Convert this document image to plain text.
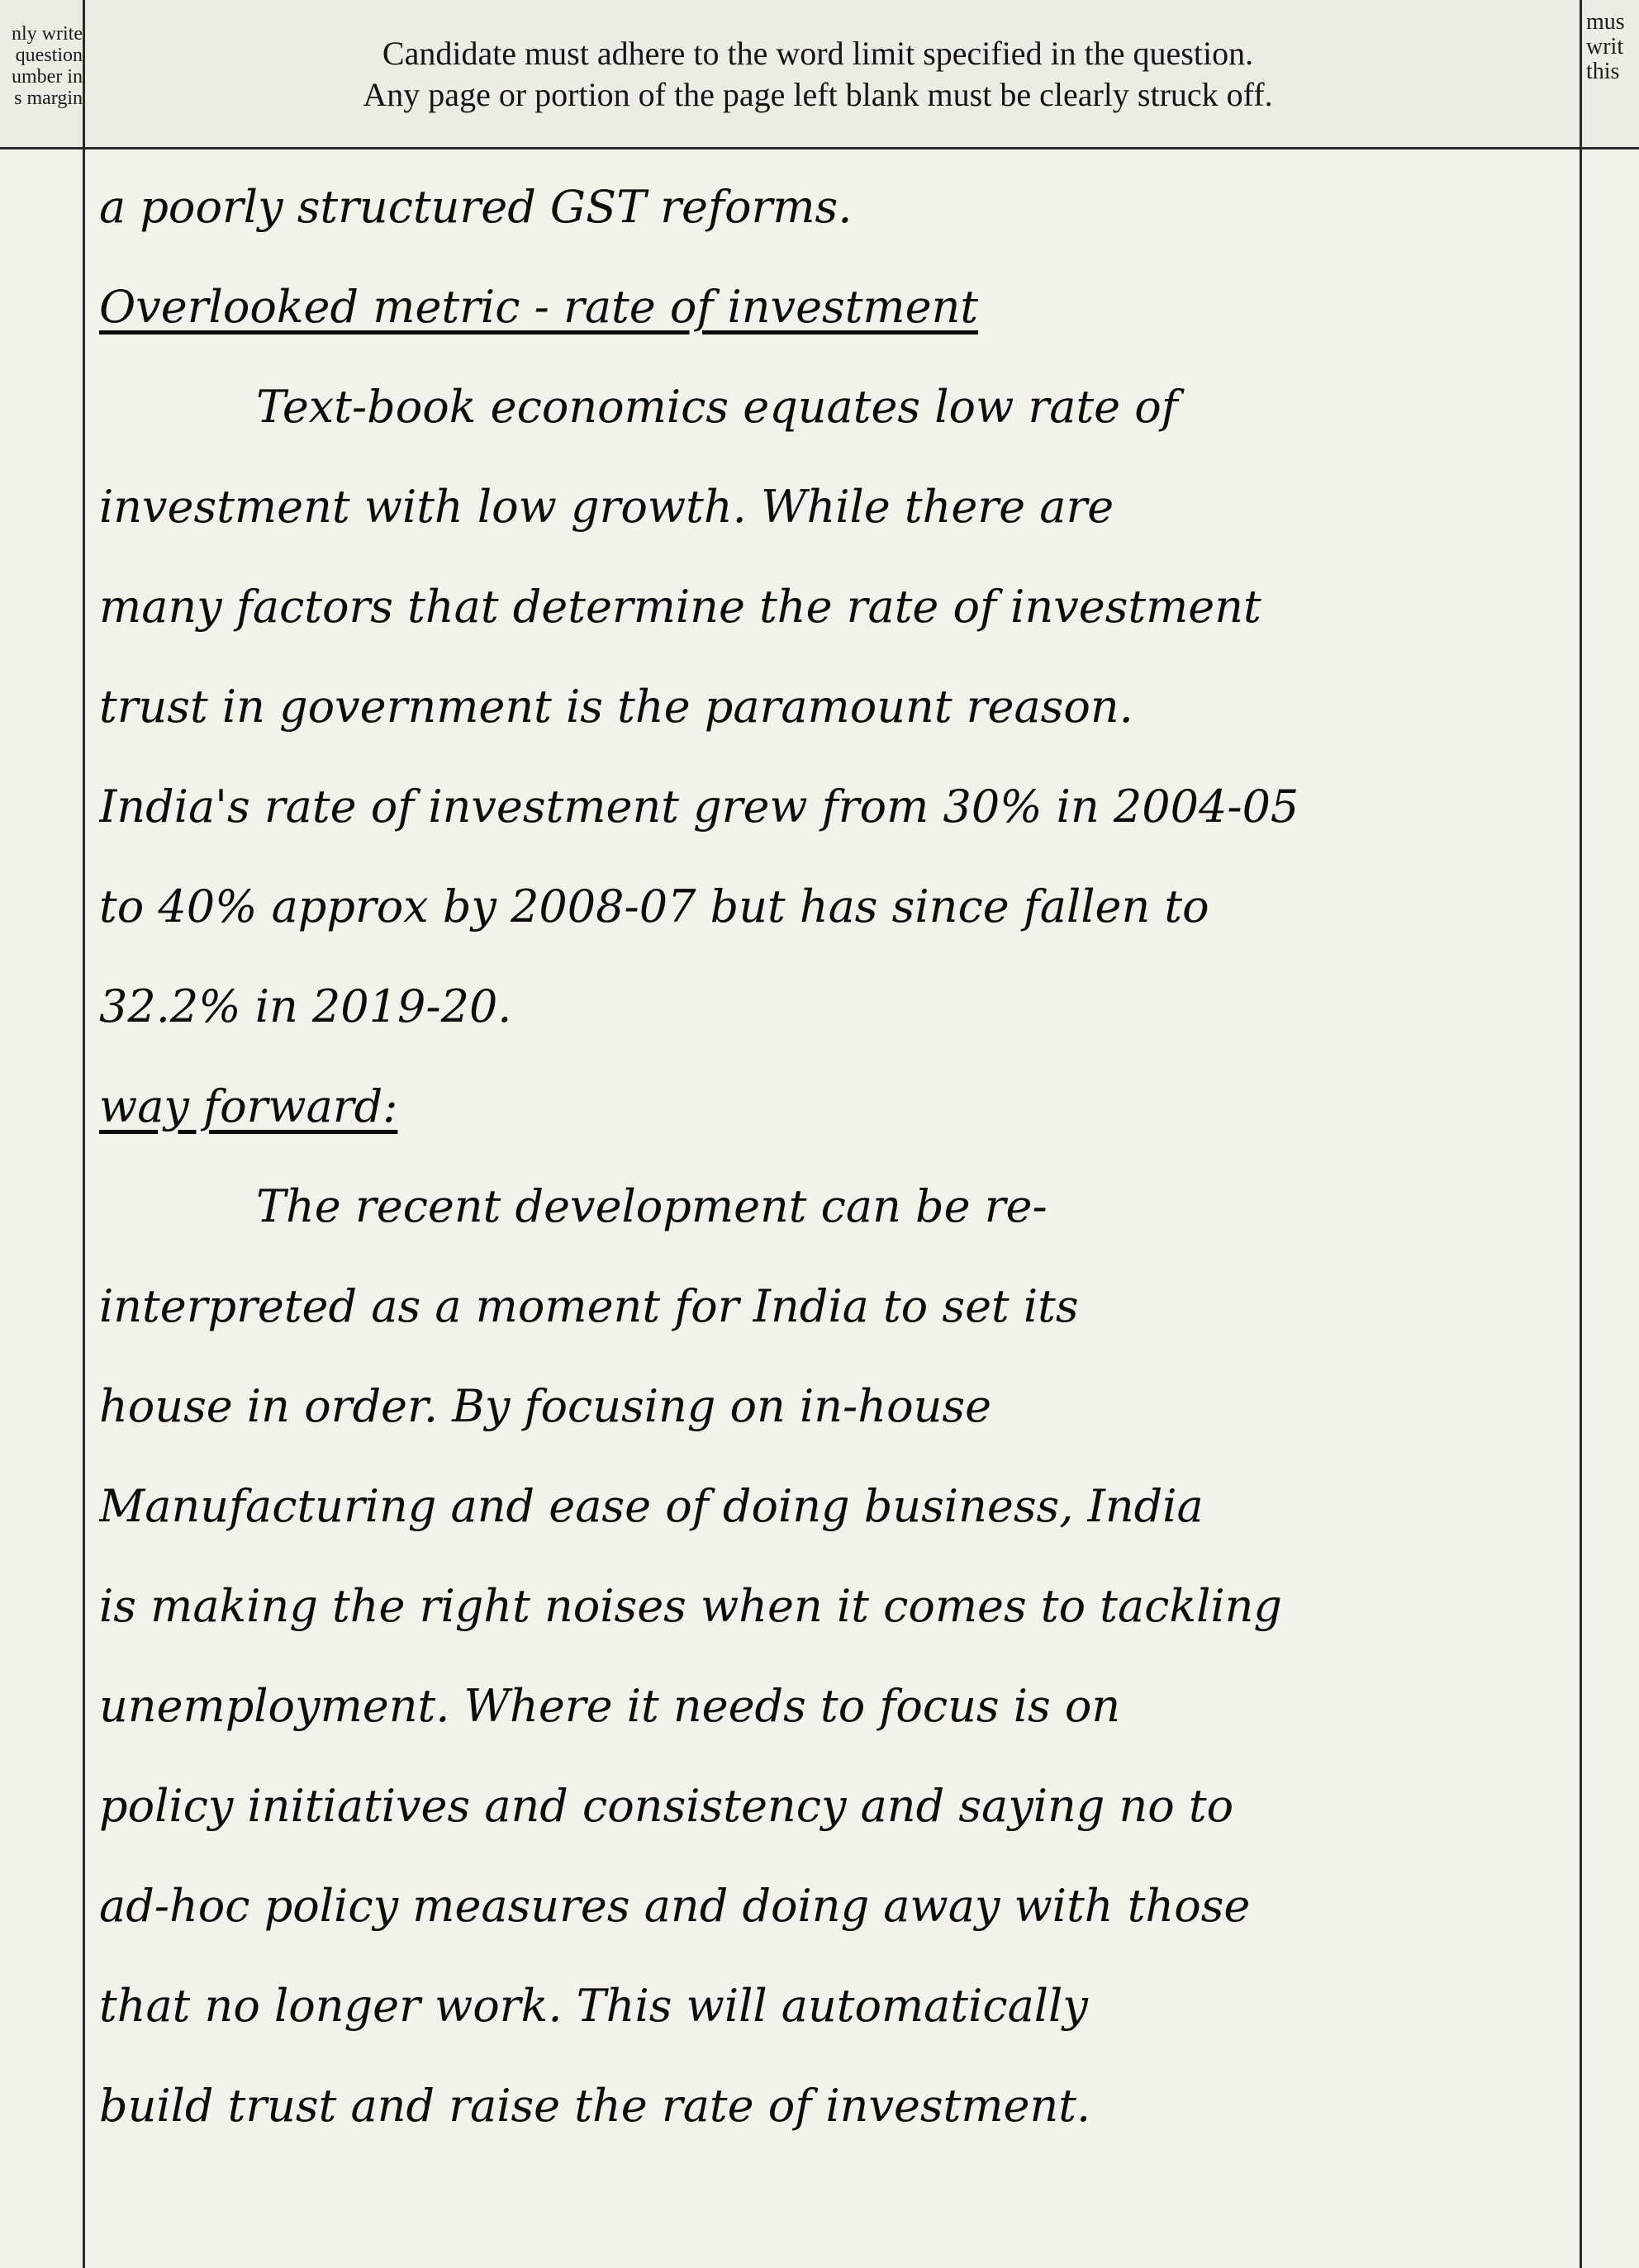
nly write
question
umber in
s margin
Candidate must adhere to the word limit specified in the question.
Any page or portion of the page left blank must be clearly struck off.
mus
writ
this
a poorly structured GST reforms.
Overlooked metric - rate of investment
Text-book economics equates low rate of
investment with low growth. While there are
many factors that determine the rate of investment
trust in government is the paramount reason.
India's rate of investment grew from 30% in 2004-05
to 40% approx by 2008-07 but has since fallen to
32.2% in 2019-20.
way forward:
The recent development can be re-
interpreted as a moment for India to set its
house in order. By focusing on in-house
Manufacturing and ease of doing business, India
is making the right noises when it comes to tackling
unemployment. Where it needs to focus is on
policy initiatives and consistency and saying no to
ad-hoc policy measures and doing away with those
that no longer work. This will automatically
build trust and raise the rate of investment.
